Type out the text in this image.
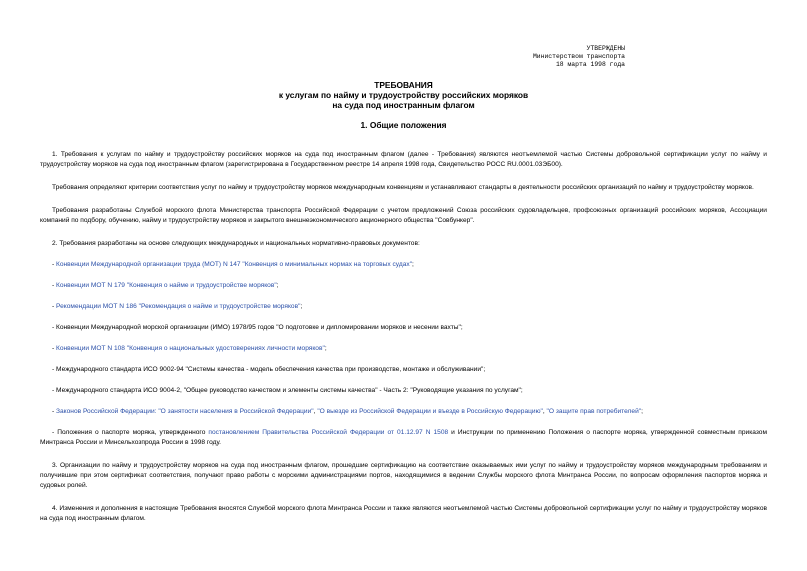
УТВЕРЖДЕНЫ
Министерством транспорта
18 марта 1998 года
ТРЕБОВАНИЯ
к услугам по найму и трудоустройству российских моряков
на суда под иностранным флагом
1. Общие положения

1. Требования к услугам по найму и трудоустройству российских моряков на суда под иностранным флагом (далее - Требования) являются неотъемлемой частью Системы добровольной сертификации услуг по найму и трудоустройству моряков на суда под иностранным флагом (зарегистрирована в Государственном реестре 14 апреля 1998 года, Свидетельство РОСС RU.0001.03ЭБ00).

Требования определяют критерии соответствия услуг по найму и трудоустройству моряков международным конвенциям и устанавливают стандарты в деятельности российских организаций по найму и трудоустройству моряков.

Требования разработаны Службой морского флота Министерства транспорта Российской Федерации с учетом предложений Союза российских судовладельцев, профсоюзных организаций российских моряков, Ассоциации компаний по подбору, обучению, найму и трудоустройству моряков и закрытого внешнеэкономического акционерного общества "Совбункер".

2. Требования разработаны на основе следующих международных и национальных нормативно-правовых документов:

- Конвенции Международной организации труда (МОТ) N 147 "Конвенция о минимальных нормах на торговых судах";

- Конвенции МОТ N 179 "Конвенция о найме и трудоустройстве моряков";

- Рекомендации МОТ N 186 "Рекомендация о найме и трудоустройстве моряков";

- Конвенции Международной морской организации (ИМО) 1978/95 годов "О подготовке и дипломировании моряков и несении вахты";

- Конвенции МОТ N 108 "Конвенция о национальных удостоверениях личности моряков";

- Международного стандарта ИСО 9002-94 "Системы качества - модель обеспечения качества при производстве, монтаже и обслуживании";

- Международного стандарта ИСО 9004-2, "Общее руководство качеством и элементы системы качества" - Часть 2: "Руководящие указания по услугам";

- Законов Российской Федерации: "О занятости населения в Российской Федерации", "О выезде из Российской Федерации и въезде в Российскую Федерацию", "О защите прав потребителей";

- Положения о паспорте моряка, утвержденного постановлением Правительства Российской Федерации от 01.12.97 N 1508 и Инструкции по применению Положения о паспорте моряка, утвержденной совместным приказом Минтранса России и Минсельхозпрода России в 1998 году.

3. Организации по найму и трудоустройству моряков на суда под иностранным флагом, прошедшие сертификацию на соответствие оказываемых ими услуг по найму и трудоустройству моряков международным требованиям и получившие при этом сертификат соответствия, получают право работы с морскими администрациями портов, находящимися в ведении Службы морского флота Минтранса России, по вопросам оформления паспортов моряка и судовых ролей.

4. Изменения и дополнения в настоящие Требования вносятся Службой морского флота Минтранса России и также являются неотъемлемой частью Системы добровольной сертификации услуг по найму и трудоустройству моряков на суда под иностранным флагом.
